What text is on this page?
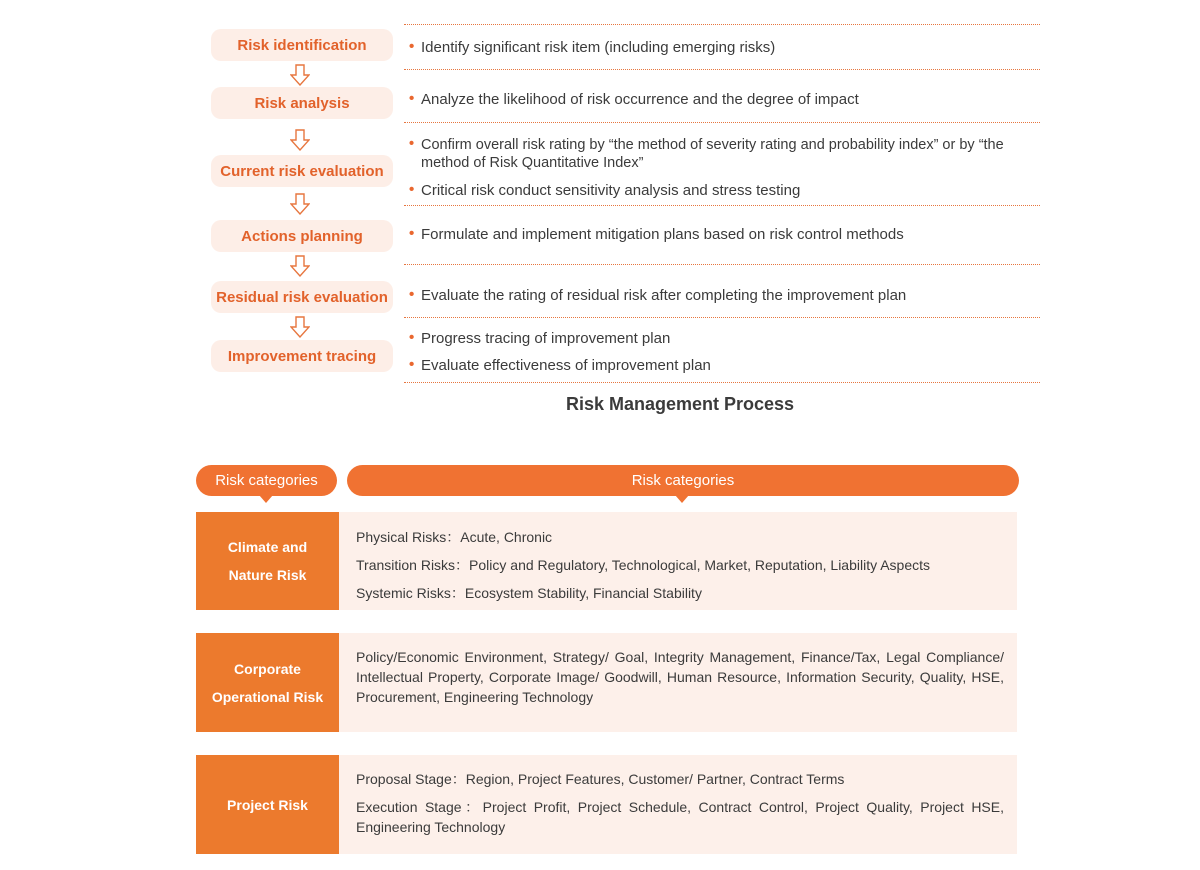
Risk identification
Risk analysis
Current risk evaluation
Actions planning
Residual risk evaluation
Improvement tracing
• Identify significant risk item (including emerging risks)
• Analyze the likelihood of risk occurrence and the degree of impact
• Confirm overall risk rating by “the method of severity rating and probability index” or by “the method of Risk Quantitative Index”
• Critical risk conduct sensitivity analysis and stress testing
• Formulate and implement mitigation plans based on risk control methods
• Evaluate the rating of residual risk after completing the improvement plan
• Progress tracing of improvement plan
• Evaluate effectiveness of improvement plan
Risk Management Process
Risk categories	Risk categories
Climate and
Nature Risk

Physical Risks：Acute, Chronic

Transition Risks：Policy and Regulatory, Technological, Market, Reputation, Liability Aspects

Systemic Risks：Ecosystem Stability, Financial Stability

Corporate
Operational Risk

Policy/Economic Environment, Strategy/ Goal, Integrity Management, Finance/Tax, Legal Compliance/ Intellectual Property, Corporate Image/ Goodwill, Human Resource, Information Security, Quality, HSE, Procurement, Engineering Technology

Project Risk

Proposal Stage：Region, Project Features, Customer/ Partner, Contract Terms

Execution Stage：Project Profit, Project Schedule, Contract Control, Project Quality, Project HSE, Engineering Technology
